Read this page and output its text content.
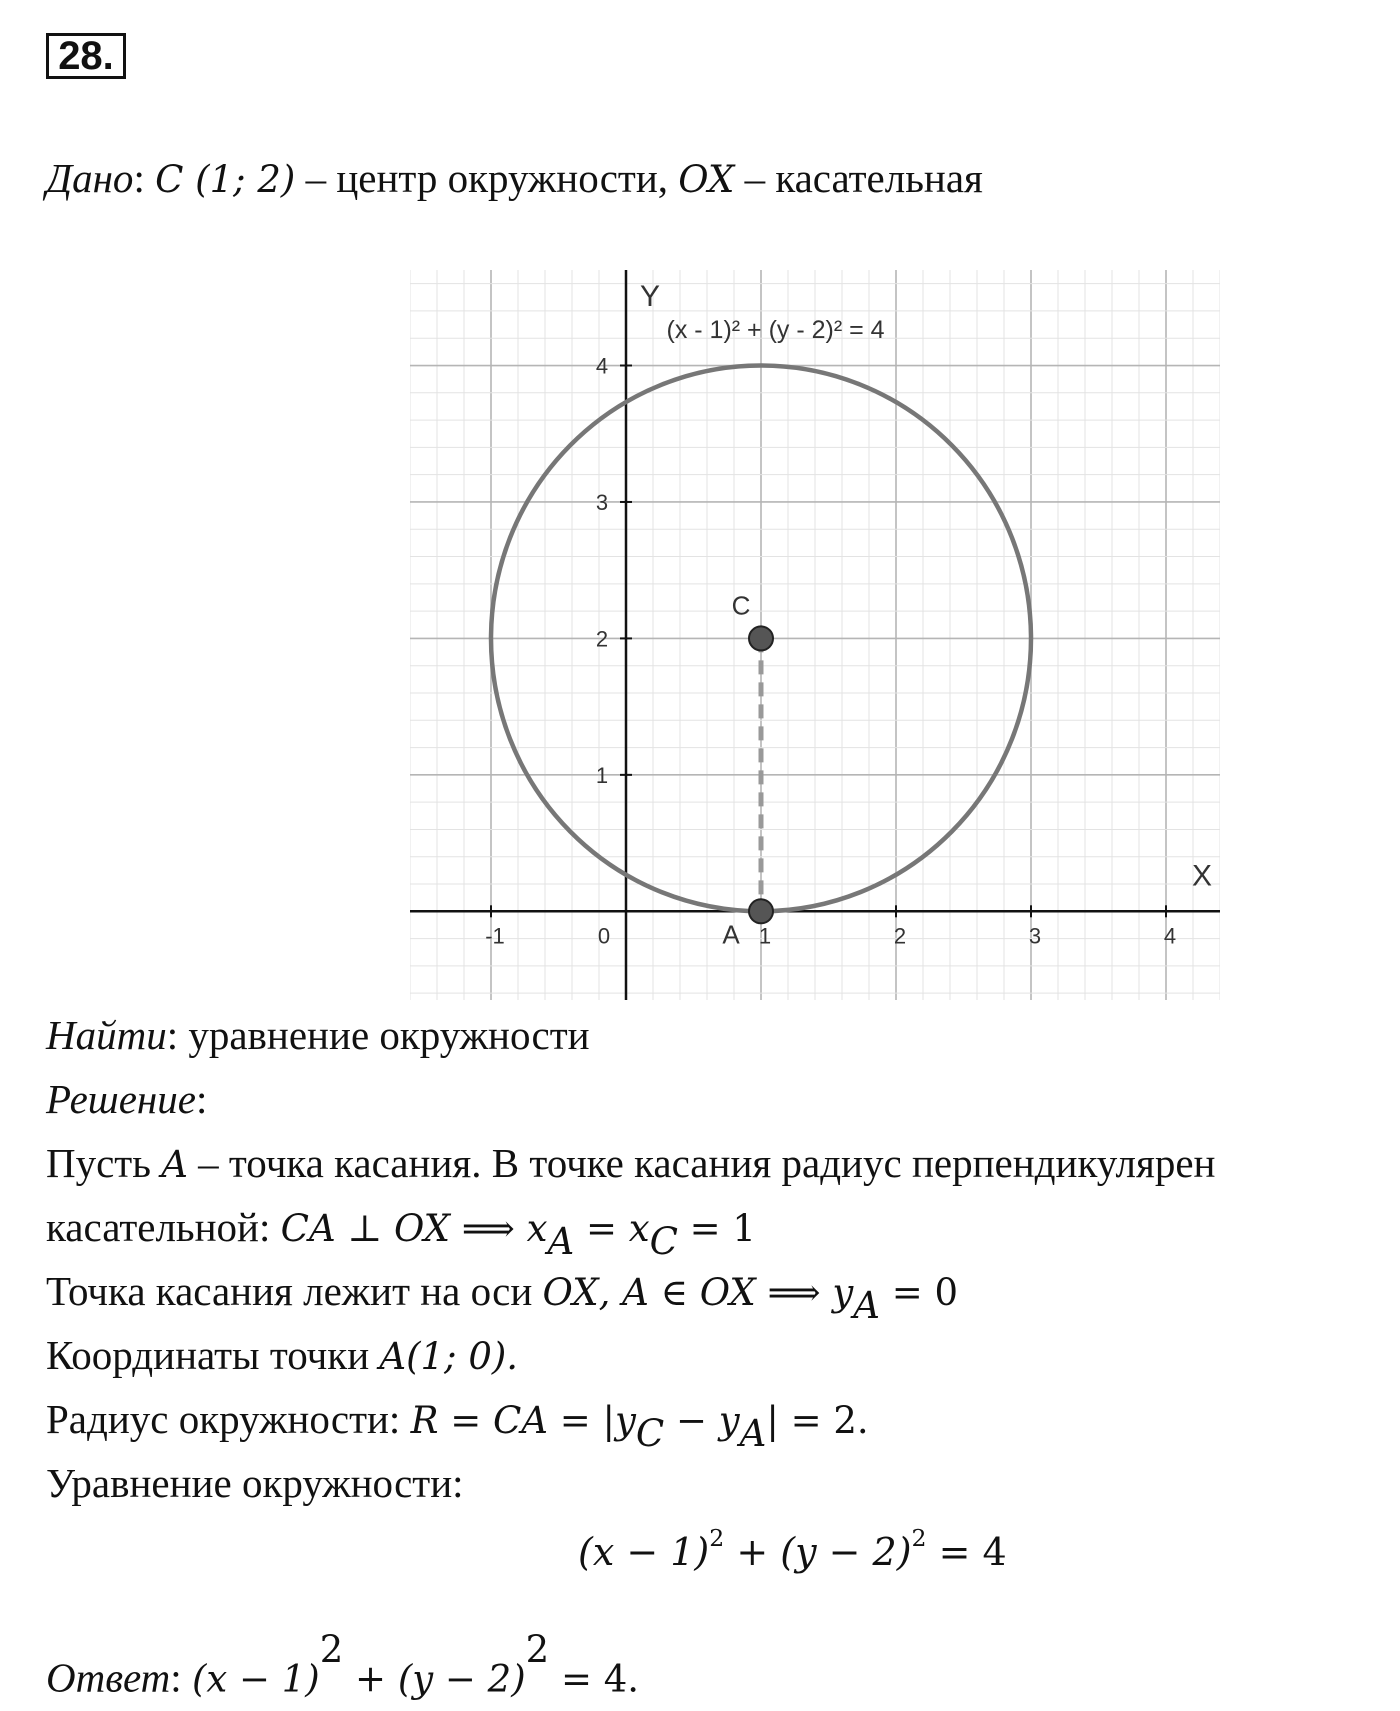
28.
Дано: C (1; 2) – центр окружности, OX – касательная
-1	0	1	2	3	4
1
2
3
4
X
Y
(x - 1)² + (y - 2)² = 4
C
A
Найти: уравнение окружности
Решение:
Пусть A – точка касания. В точке касания радиус перпендикулярен
касательной: CA ⊥ OX ⟹ $x_A = x_C = 1$
Точка касания лежит на оси OX, A ∈ OX ⟹ $y_A = 0$
Координаты точки A(1; 0).
Радиус окружности: R = CA = $|y_C - y_A| = 2$.
Уравнение окружности:
$(x - 1)^2 + (y - 2)^2 = 4$
Ответ: $(x - 1)^2 + (y - 2)^2 = 4$.
